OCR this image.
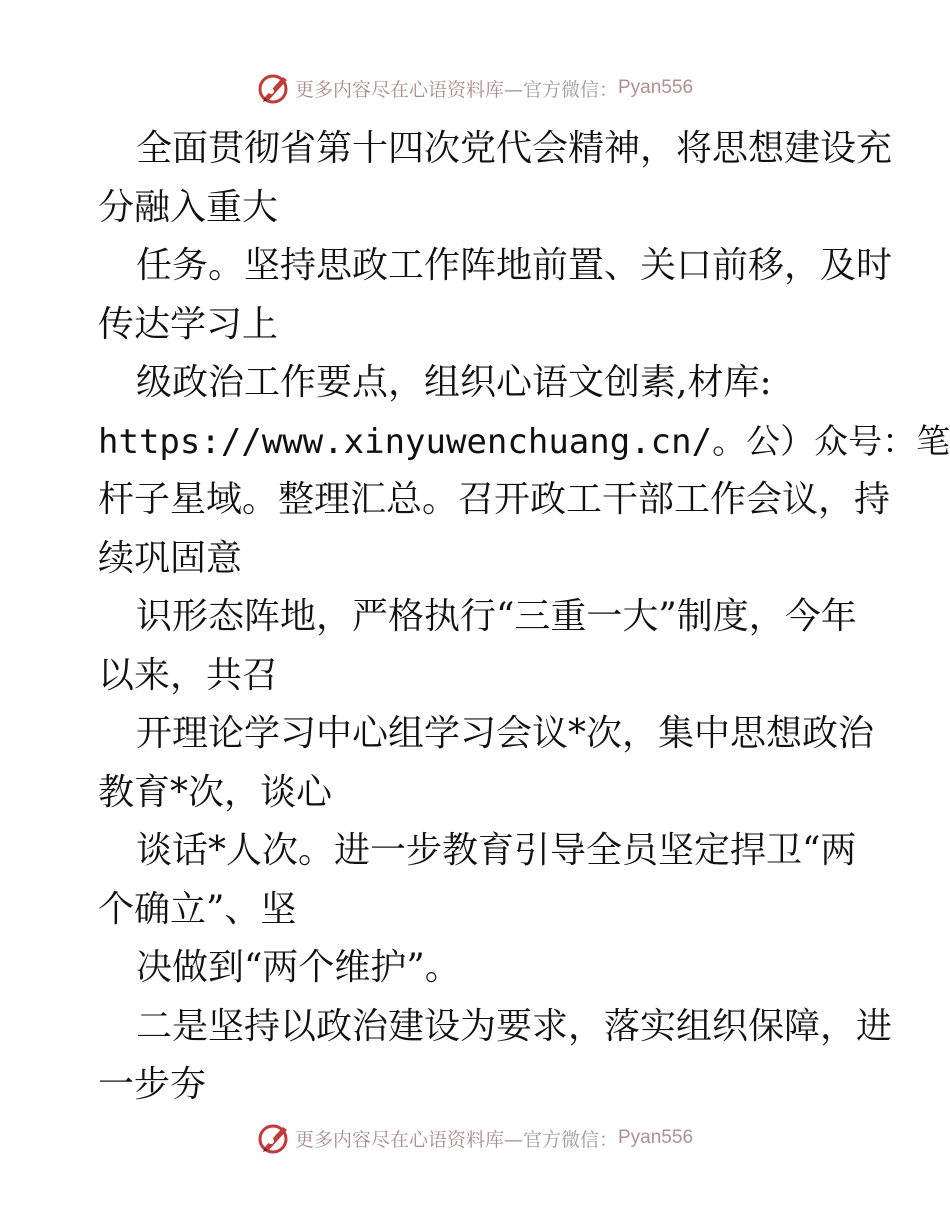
更多内容尽在心语资料库— 官方微信： Pyan556
全面贯彻省第十四次党代会精神，将思想建设充
分融入重大
任务。坚持思政工作阵地前置、关口前移，及时
传达学习上
级政治工作要点，组织心语文创素,材库:
https://www.xinyuwenchuang.cn/。公）众号：笔
杆子星域。整理汇总。召开政工干部工作会议，持
续巩固意
识形态阵地，严格执行“三重一大”制度，今年
以来，共召
开理论学习中心组学习会议*次，集中思想政治
教育*次，谈心
谈话*人次。进一步教育引导全员坚定捍卫“两
个确立”、坚
决做到“两个维护”。
二是坚持以政治建设为要求，落实组织保障，进
一步夯
更多内容尽在心语资料库— 官方微信： Pyan556
